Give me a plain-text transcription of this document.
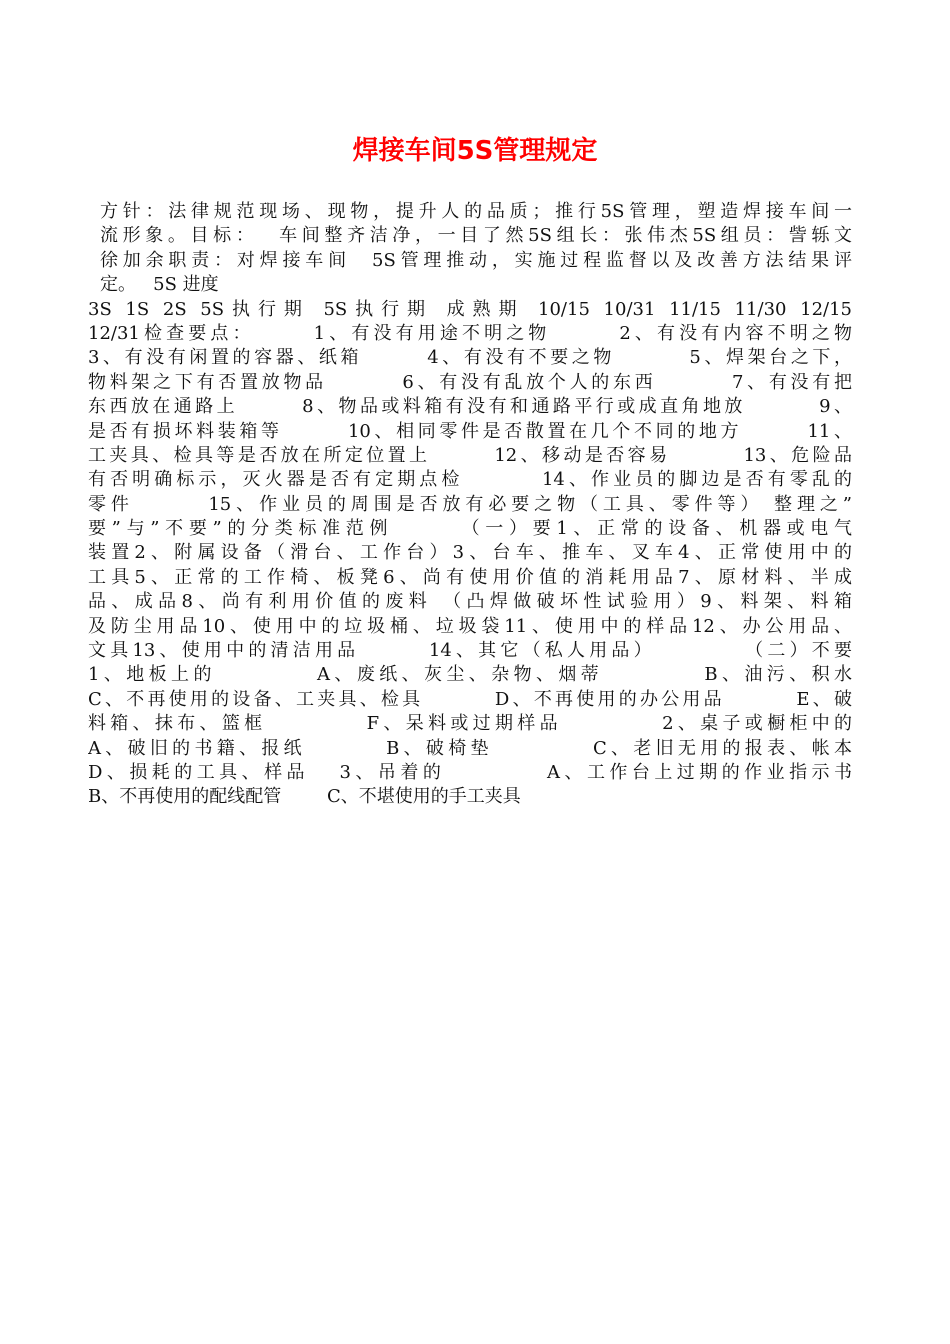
焊接车间5S管理规定
方针：法律规范现场、现物，提升人的品质；推行5S管理，塑造焊接车间一
流形象。目标：  车间整齐洁净，一目了然5S组长：张伟杰5S组员：訾轹文
徐加余职责：对焊接车间  5S管理推动，实施过程监督以及改善方法结果评
定。   5S 进度
3S 1S 2S 5S执行期 5S执行期 成熟期 10/15 10/31 11/15 11/30 12/15
12/31检查要点：      1、有没有用途不明之物       2、有没有内容不明之物
3、有没有闲置的容器、纸箱       4、有没有不要之物        5、焊架台之下，
物料架之下有否置放物品        6、有没有乱放个人的东西        7、有没有把
东西放在通路上       8、物品或料箱有没有和通路平行或成直角地放        9、
是否有损坏料装箱等       10、相同零件是否散置在几个不同的地方       11、
工夹具、检具等是否放在所定位置上       12、移动是否容易        13、危险品
有否明确标示，灭火器是否有定期点检        14、作业员的脚边是否有零乱的
零件       15、作业员的周围是否放有必要之物（工具、零件等） 整理之”
要”与”不要”的分类标准范例      （一）要1、正常的设备、机器或电气
装置2、附属设备（滑台、工作台）3、台车、推车、叉车4、正常使用中的
工具5、正常的工作椅、板凳6、尚有使用价值的消耗用品7、原材料、半成
品、成品8、尚有利用价值的废料 （凸焊做破坏性试验用）9、料架、料箱
及防尘用品10、使用中的垃圾桶、垃圾袋11、使用中的样品12、办公用品、
文具13、使用中的清洁用品       14、其它（私人用品）         （二）不要
1、地板上的          A、废纸、灰尘、杂物、烟蒂          B、油污、积水
C、不再使用的设备、工夹具、检具        D、不再使用的办公用品        E、破
料箱、抹布、篮框          F、呆料或过期样品          2、桌子或橱柜中的
A、破旧的书籍、报纸        B、破椅垫          C、老旧无用的报表、帐本
D、损耗的工具、样品   3、吊着的          A、工作台上过期的作业指示书
B、不再使用的配线配管        C、不堪使用的手工夹具
